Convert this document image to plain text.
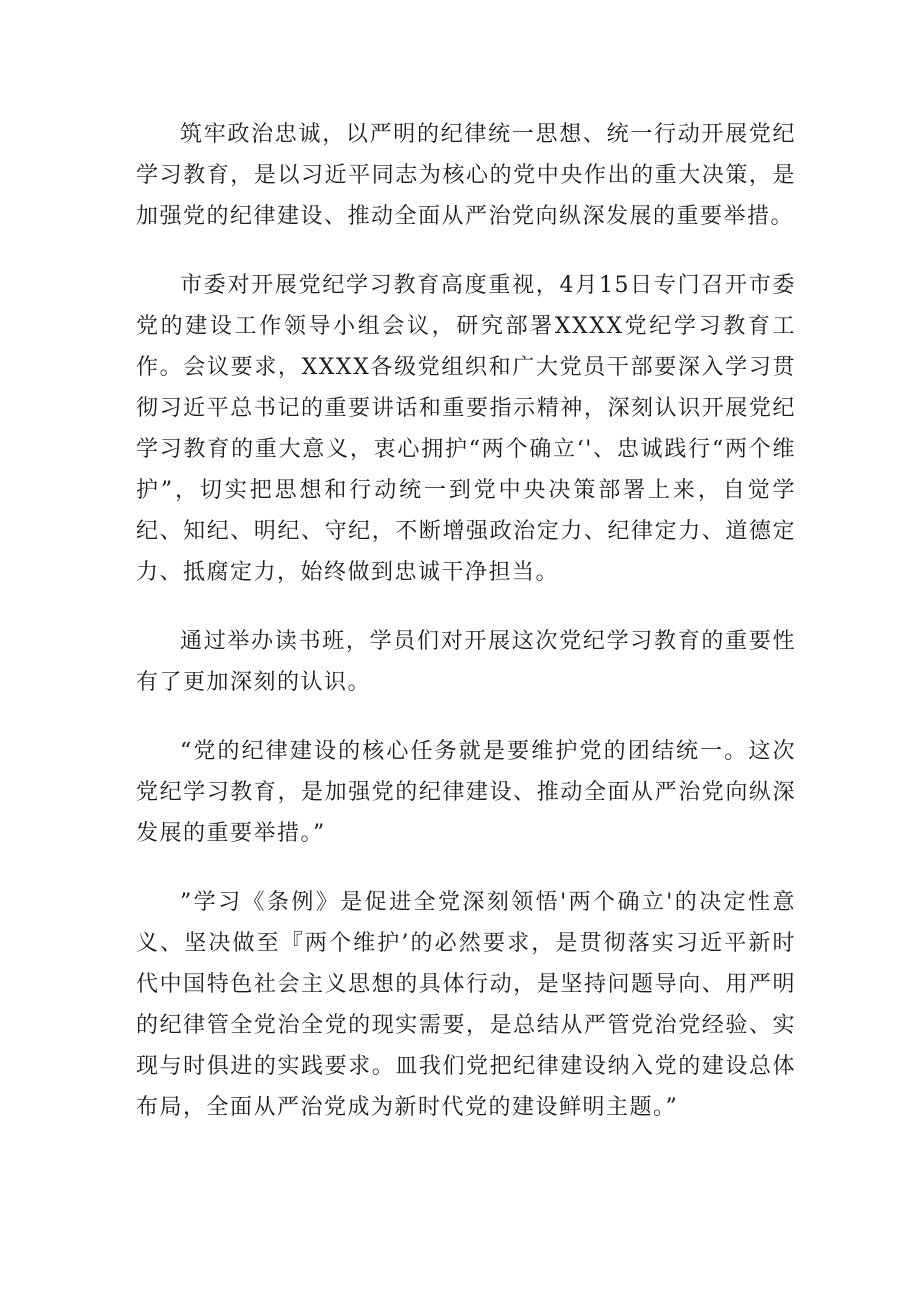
筑牢政治忠诚，以严明的纪律统一思想、统一行动开展党纪学习教育，是以习近平同志为核心的党中央作出的重大决策，是加强党的纪律建设、推动全面从严治党向纵深发展的重要举措。

市委对开展党纪学习教育高度重视，4月15日专门召开市委党的建设工作领导小组会议，研究部署XXXX党纪学习教育工作。会议要求，XXXX各级党组织和广大党员干部要深入学习贯彻习近平总书记的重要讲话和重要指示精神，深刻认识开展党纪学习教育的重大意义，衷心拥护“两个确立‘'、忠诚践行“两个维护”，切实把思想和行动统一到党中央决策部署上来，自觉学纪、知纪、明纪、守纪，不断增强政治定力、纪律定力、道德定力、抵腐定力，始终做到忠诚干净担当。

通过举办读书班，学员们对开展这次党纪学习教育的重要性有了更加深刻的认识。

“党的纪律建设的核心任务就是要维护党的团结统一。这次党纪学习教育，是加强党的纪律建设、推动全面从严治党向纵深发展的重要举措。”

”学习《条例》是促进全党深刻领悟'两个确立'的决定性意义、坚决做至『两个维护’的必然要求，是贯彻落实习近平新时代中国特色社会主义思想的具体行动，是坚持问题导向、用严明的纪律管全党治全党的现实需要，是总结从严管党治党经验、实现与时俱进的实践要求。皿我们党把纪律建设纳入党的建设总体布局，全面从严治党成为新时代党的建设鲜明主题。”
